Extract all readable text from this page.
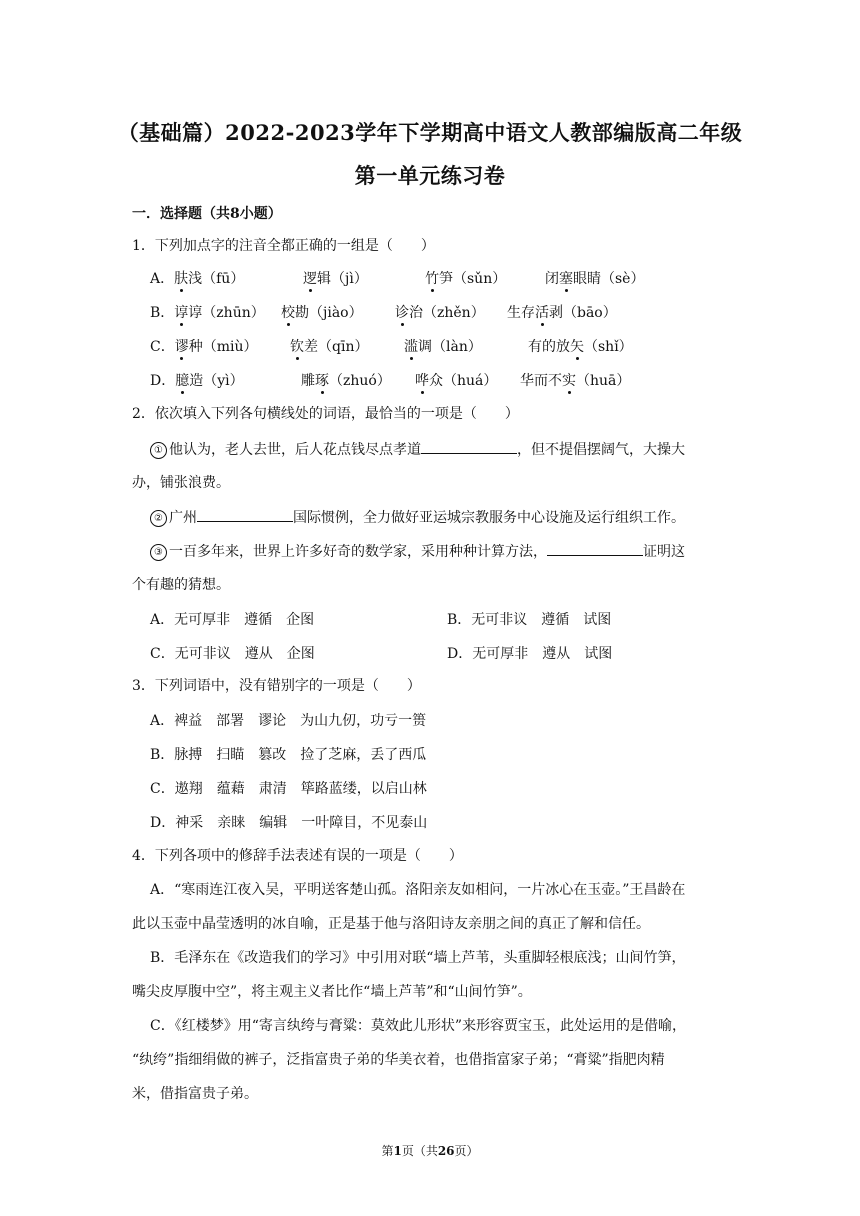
（基础篇）2022-2023学年下学期高中语文人教部编版高二年级
第一单元练习卷
一．选择题（共8小题）
1．下列加点字的注音全都正确的一组是（　　）
A．肤浅（fū）	逻辑（jì）	竹笋（sǔn）	闭塞眼睛（sè）
B．谆谆（zhūn） 校勘（jiào） 诊治（zhěn） 生存活剥（bāo）
C．谬种（miù） 钦差（qīn）	滥调（làn）	有的放矢（shǐ）
D．臆造（yì）	雕琢（zhuó） 哗众（huá） 华而不实（huā）
2．依次填入下列各句横线处的词语，最恰当的一项是（　　）
① 他认为，老人去世，后人花点钱尽点孝道	，但不提倡摆阔气，大操大
办，铺张浪费。
② 广州	国际惯例，全力做好亚运城宗教服务中心设施及运行组织工作。
③ 一百多年来，世界上许多好奇的数学家，采用种种计算方法，	证明这
个有趣的猜想。
A．无可厚非　遵循　企图	B．无可非议　遵循　试图
C．无可非议　遵从　企图	D．无可厚非　遵从　试图
3．下列词语中，没有错别字的一项是（　　）
A．裨益　部署　谬论　为山九仞，功亏一篑
B．脉搏　扫瞄　篡改　捡了芝麻，丢了西瓜
C．遨翔　蕴藉　肃清　筚路蓝缕，以启山林
D．神采　亲睐　编辑　一叶障目，不见泰山
4．下列各项中的修辞手法表述有误的一项是（　　）
A．“寒雨连江夜入吴，平明送客楚山孤。洛阳亲友如相问，一片冰心在玉壶。”王昌龄在
此以玉壶中晶莹透明的冰自喻，正是基于他与洛阳诗友亲朋之间的真正了解和信任。
B．毛泽东在《改造我们的学习》中引用对联“墙上芦苇，头重脚轻根底浅；山间竹笋，
嘴尖皮厚腹中空”，将主观主义者比作“墙上芦苇”和“山间竹笋”。
C．《红楼梦》用“寄言纨绔与膏粱：莫效此儿形状”来形容贾宝玉，此处运用的是借喻，
“纨绔”指细绢做的裤子，泛指富贵子弟的华美衣着，也借指富家子弟；“膏粱”指肥肉精
米，借指富贵子弟。
第1页（共26页）
